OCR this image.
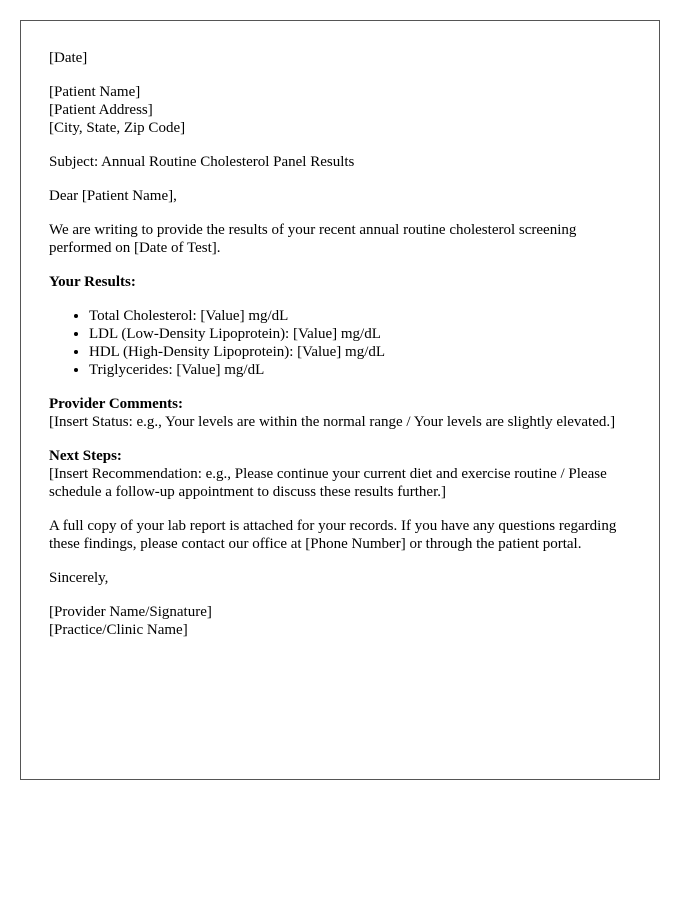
[Date]
[Patient Name]
[Patient Address]
[City, State, Zip Code]
Subject: Annual Routine Cholesterol Panel Results
Dear [Patient Name],
We are writing to provide the results of your recent annual routine cholesterol screening performed on [Date of Test].
Your Results:
• Total Cholesterol: [Value] mg/dL
• LDL (Low-Density Lipoprotein): [Value] mg/dL
• HDL (High-Density Lipoprotein): [Value] mg/dL
• Triglycerides: [Value] mg/dL
Provider Comments:
[Insert Status: e.g., Your levels are within the normal range / Your levels are slightly elevated.]
Next Steps:
[Insert Recommendation: e.g., Please continue your current diet and exercise routine / Please schedule a follow-up appointment to discuss these results further.]
A full copy of your lab report is attached for your records. If you have any questions regarding these findings, please contact our office at [Phone Number] or through the patient portal.
Sincerely,
[Provider Name/Signature]
[Practice/Clinic Name]
